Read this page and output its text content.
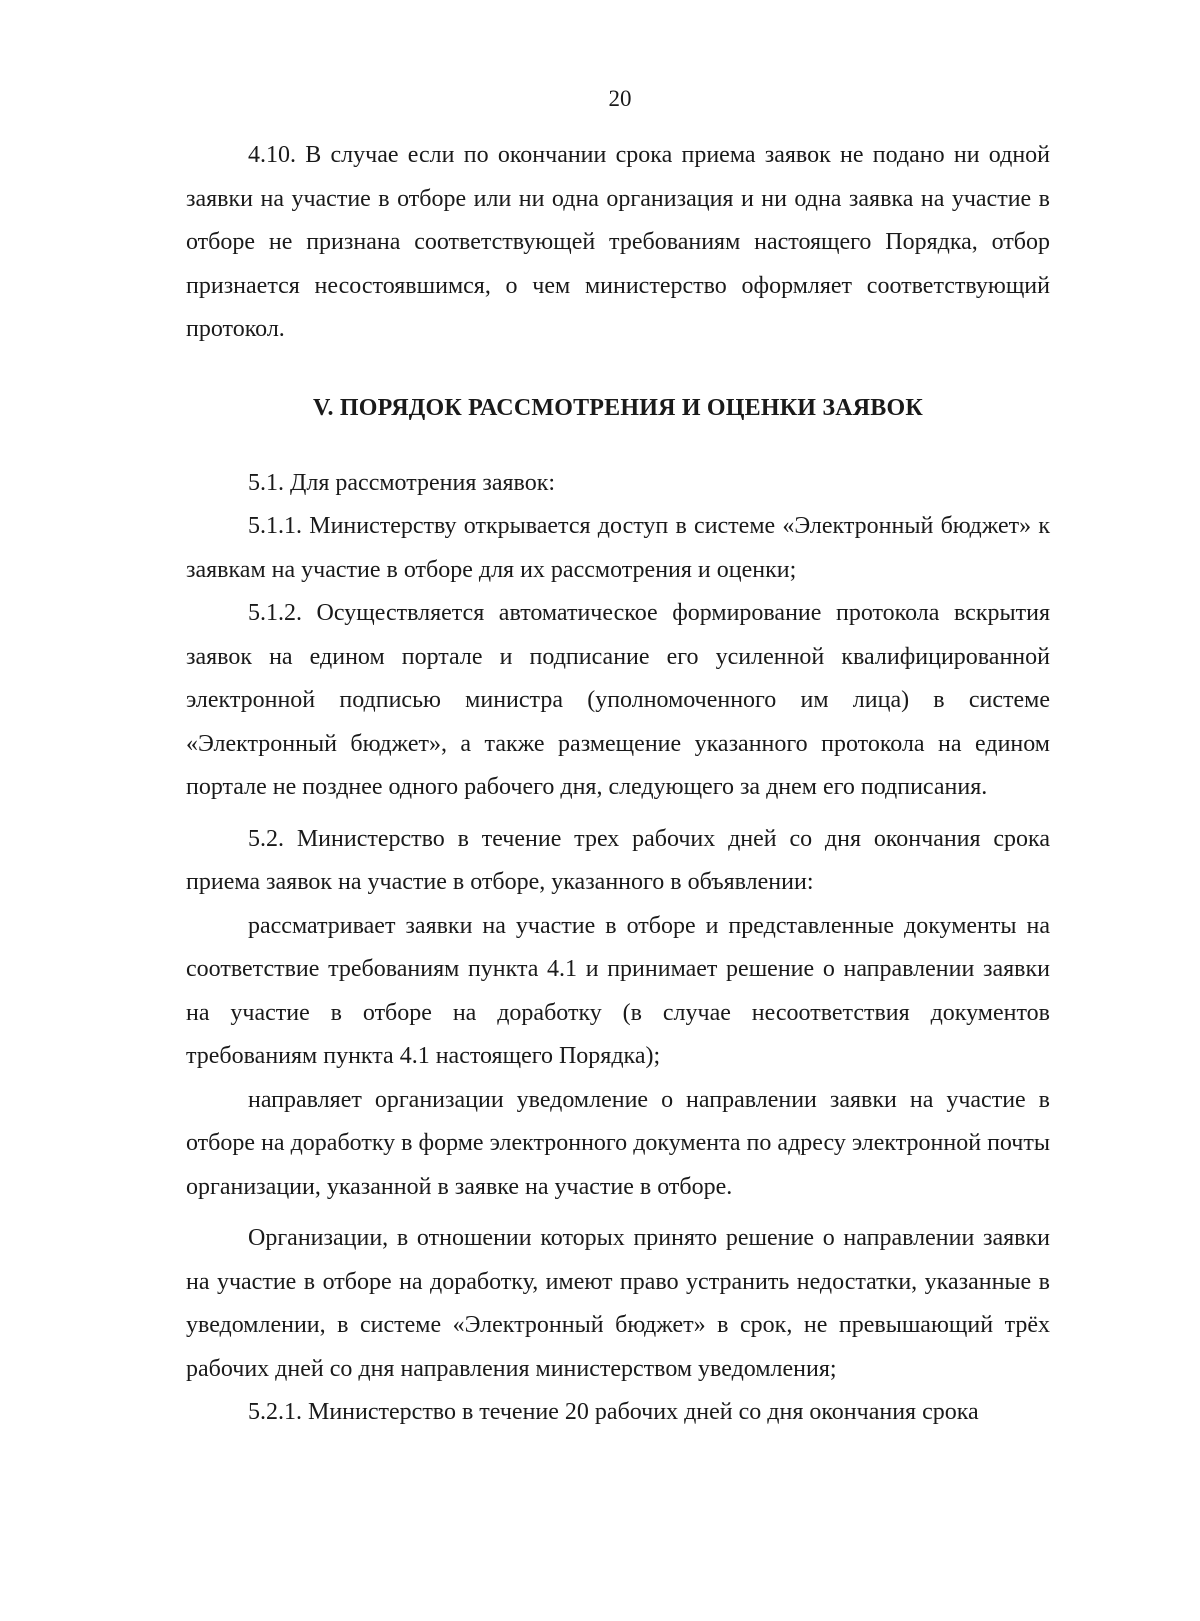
20

4.10. В случае если по окончании срока приема заявок не подано ни одной заявки на участие в отборе или ни одна организация и ни одна заявка на участие в отборе не признана соответствующей требованиям настоящего Порядка, отбор признается несостоявшимся, о чем министерство оформляет соответствующий протокол.

V. ПОРЯДОК РАССМОТРЕНИЯ И ОЦЕНКИ ЗАЯВОК

5.1. Для рассмотрения заявок:

5.1.1. Министерству открывается доступ в системе «Электронный бюджет» к заявкам на участие в отборе для их рассмотрения и оценки;

5.1.2. Осуществляется автоматическое формирование протокола вскрытия заявок на едином портале и подписание его усиленной квалифицированной электронной подписью министра (уполномоченного им лица) в системе «Электронный бюджет», а также размещение указанного протокола на едином портале не позднее одного рабочего дня, следующего за днем его подписания.

5.2. Министерство в течение трех рабочих дней со дня окончания срока приема заявок на участие в отборе, указанного в объявлении:

рассматривает заявки на участие в отборе и представленные документы на соответствие требованиям пункта 4.1 и принимает решение о направлении заявки на участие в отборе на доработку (в случае несоответствия документов требованиям пункта 4.1 настоящего Порядка);

направляет организации уведомление о направлении заявки на участие в отборе на доработку в форме электронного документа по адресу электронной почты организации, указанной в заявке на участие в отборе.

Организации, в отношении которых принято решение о направлении заявки на участие в отборе на доработку, имеют право устранить недостатки, указанные в уведомлении, в системе «Электронный бюджет» в срок, не превышающий трёх рабочих дней со дня направления министерством уведомления;

5.2.1. Министерство в течение 20 рабочих дней со дня окончания срока
